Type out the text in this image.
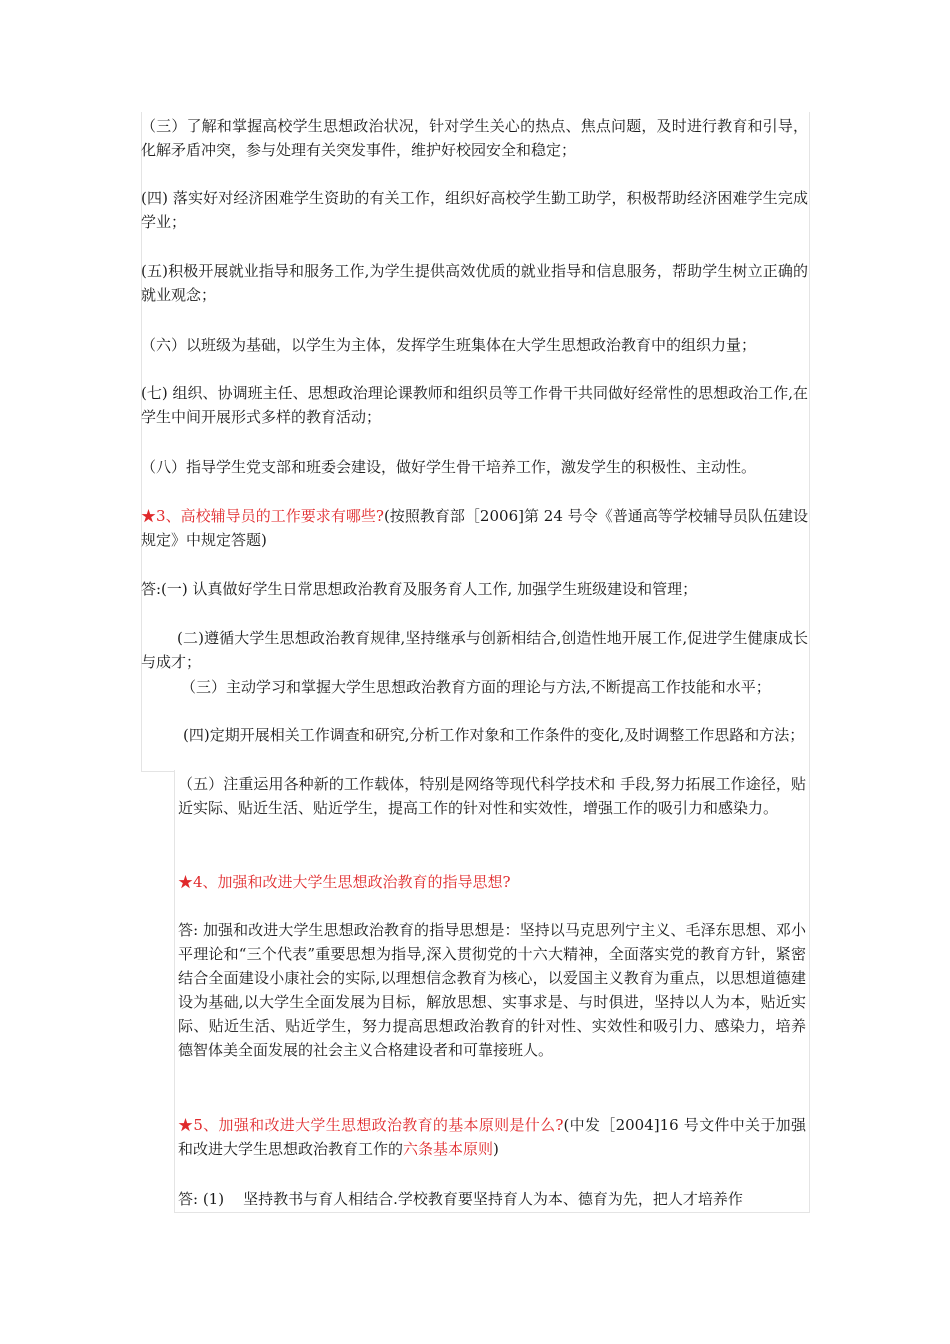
（三）了解和掌握高校学生思想政治状况，针对学生关心的热点、焦点问题，及时进行教育和引导，化解矛盾冲突，参与处理有关突发事件，维护好校园安全和稳定；

(四) 落实好对经济困难学生资助的有关工作，组织好高校学生勤工助学，积极帮助经济困难学生完成学业；

(五)积极开展就业指导和服务工作,为学生提供高效优质的就业指导和信息服务，帮助学生树立正确的就业观念；

（六）以班级为基础，以学生为主体，发挥学生班集体在大学生思想政治教育中的组织力量；

(七) 组织、协调班主任、思想政治理论课教师和组织员等工作骨干共同做好经常性的思想政治工作,在学生中间开展形式多样的教育活动；

（八）指导学生党支部和班委会建设，做好学生骨干培养工作，激发学生的积极性、主动性。

★3、高校辅导员的工作要求有哪些?(按照教育部［2006]第 24 号令《普通高等学校辅导员队伍建设规定》中规定答题)

答:(一) 认真做好学生日常思想政治教育及服务育人工作, 加强学生班级建设和管理；

(二)遵循大学生思想政治教育规律,坚持继承与创新相结合,创造性地开展工作,促进学生健康成长与成才；

（三）主动学习和掌握大学生思想政治教育方面的理论与方法,不断提高工作技能和水平；

(四)定期开展相关工作调查和研究,分析工作对象和工作条件的变化,及时调整工作思路和方法；

（五）注重运用各种新的工作载体，特别是网络等现代科学技术和 手段,努力拓展工作途径，贴近实际、贴近生活、贴近学生，提高工作的针对性和实效性，增强工作的吸引力和感染力。

★4、加强和改进大学生思想政治教育的指导思想?

答: 加强和改进大学生思想政治教育的指导思想是：坚持以马克思列宁主义、毛泽东思想、邓小平理论和“三个代表”重要思想为指导,深入贯彻党的十六大精神，全面落实党的教育方针，紧密结合全面建设小康社会的实际,以理想信念教育为核心，以爱国主义教育为重点，以思想道德建设为基础,以大学生全面发展为目标，解放思想、实事求是、与时俱进，坚持以人为本，贴近实际、贴近生活、贴近学生，努力提高思想政治教育的针对性、实效性和吸引力、感染力，培养德智体美全面发展的社会主义合格建设者和可靠接班人。

★5、加强和改进大学生思想政治教育的基本原则是什么?(中发［2004]16 号文件中关于加强和改进大学生思想政治教育工作的六条基本原则)

答: (1)    坚持教书与育人相结合.学校教育要坚持育人为本、德育为先，把人才培养作
